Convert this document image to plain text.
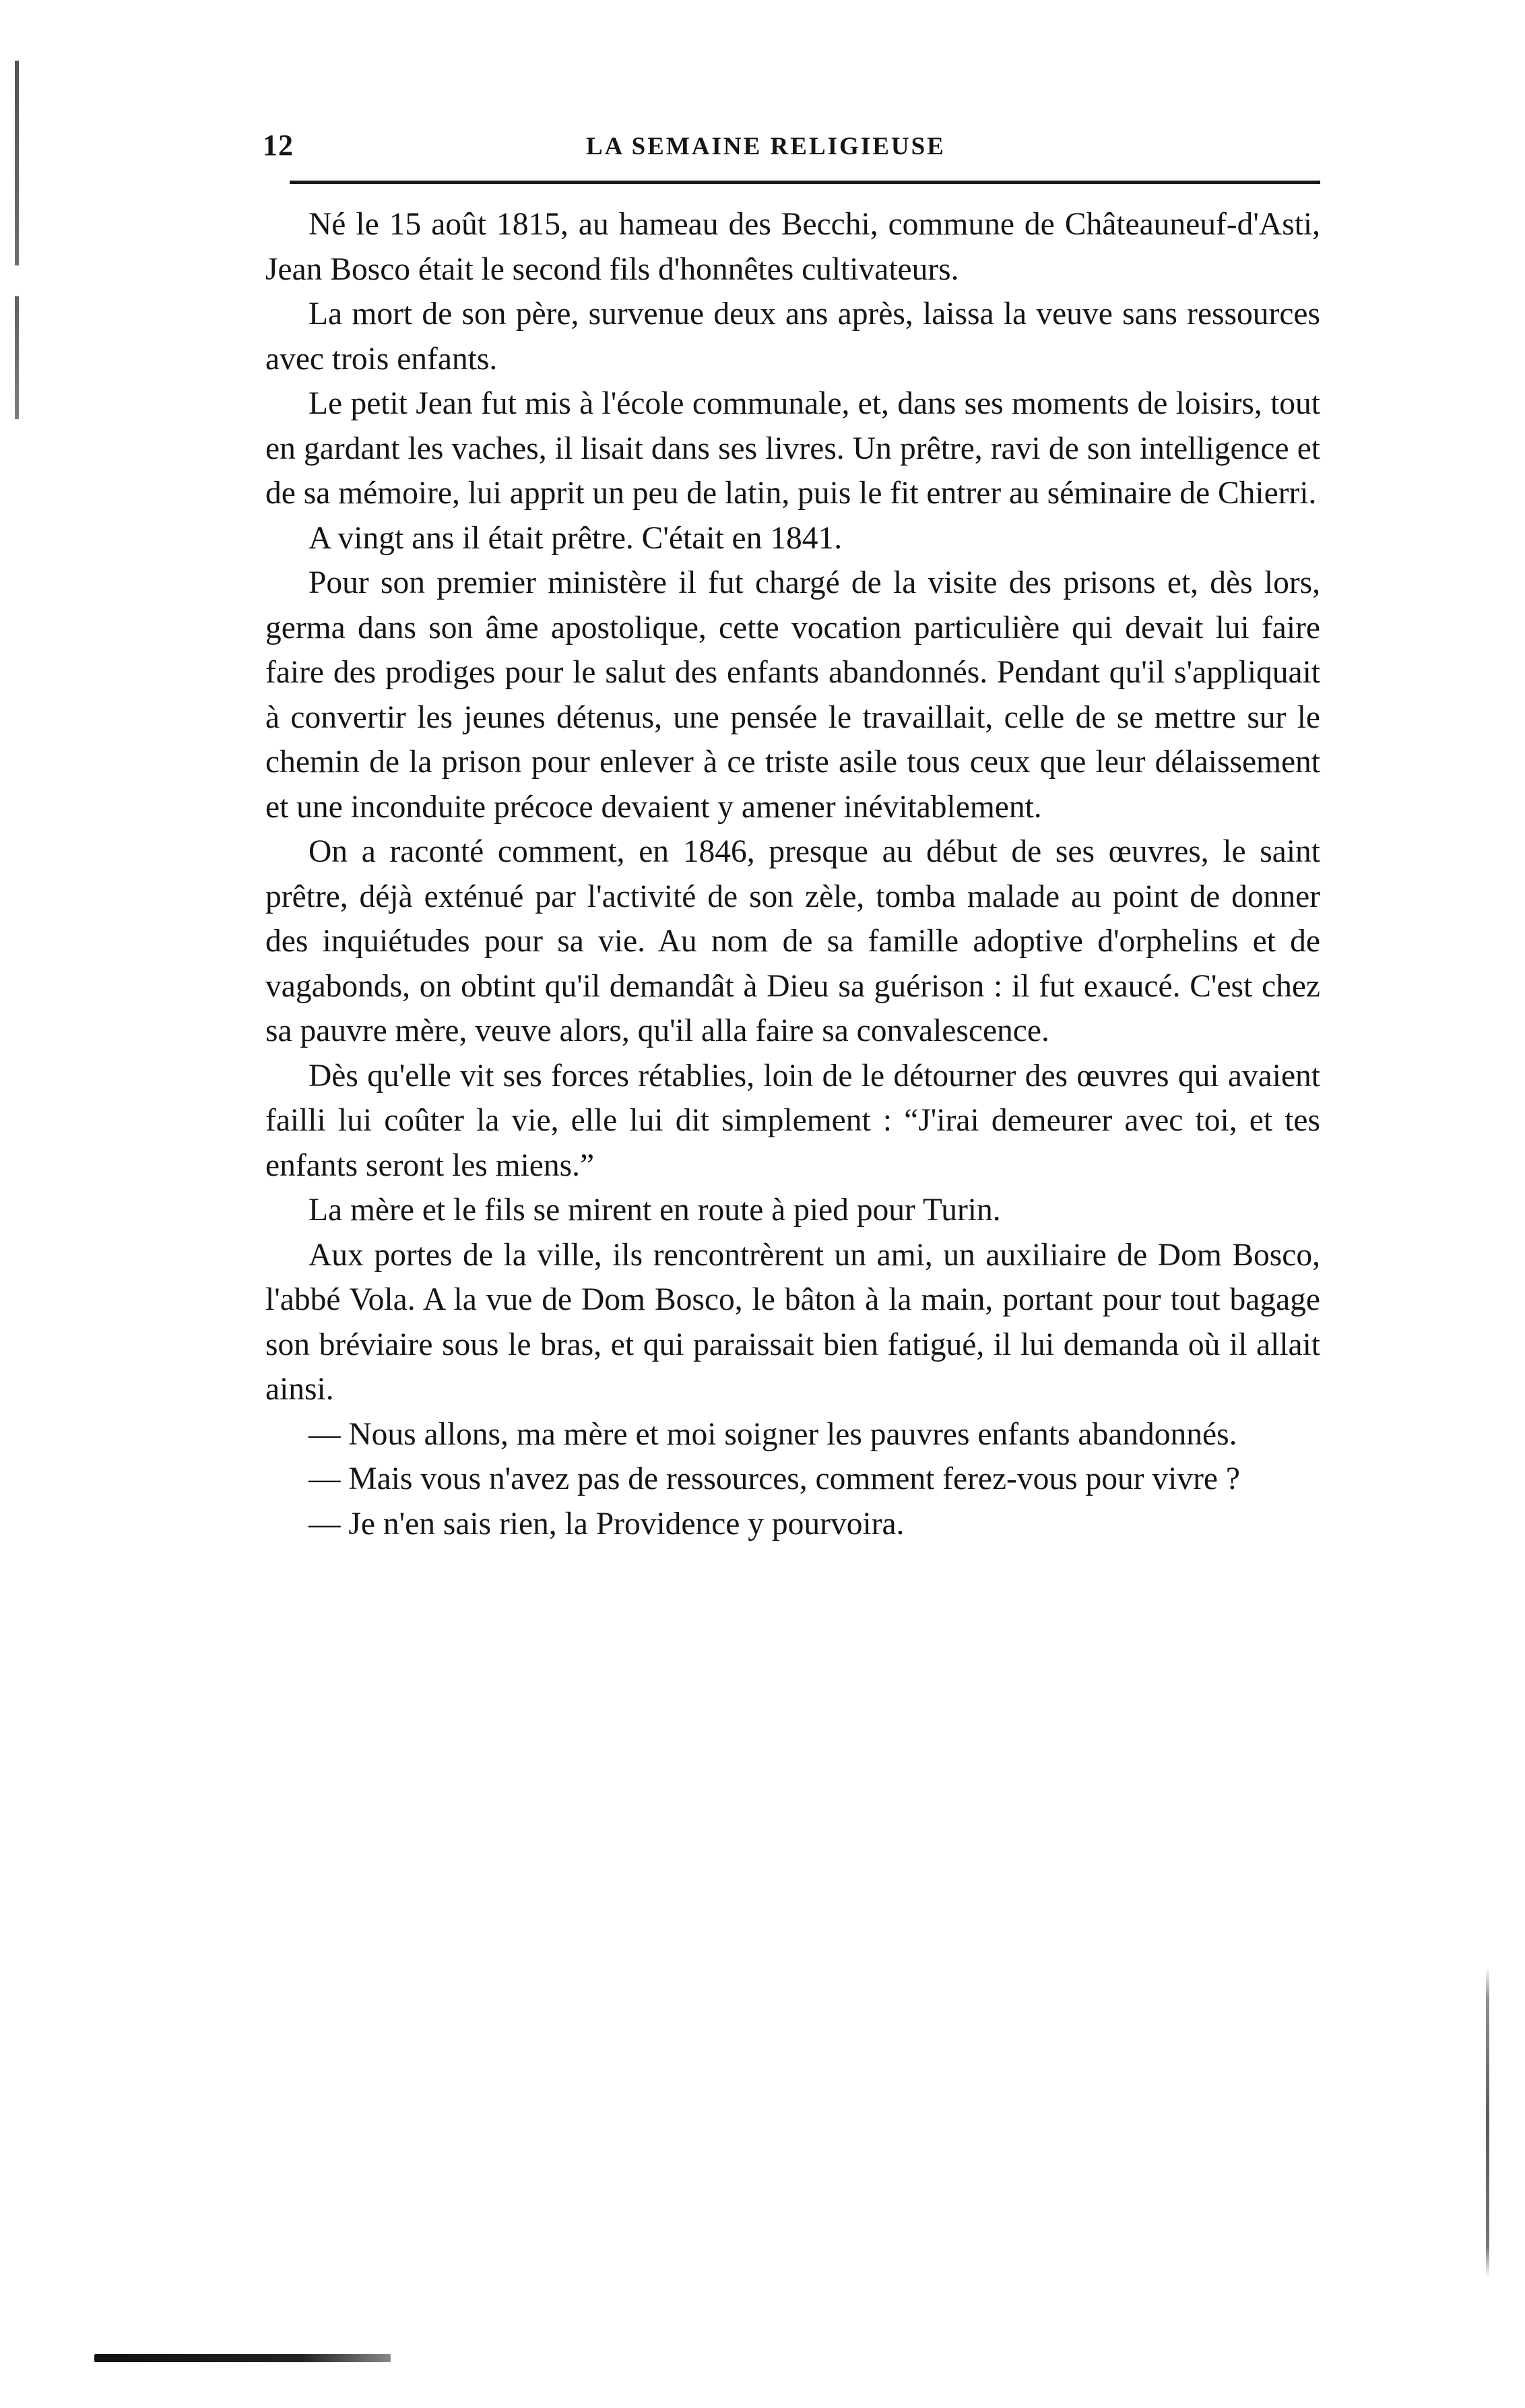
12	LA SEMAINE RELIGIEUSE

Né le 15 août 1815, au hameau des Becchi, commune de Châteauneuf-d'Asti, Jean Bosco était le second fils d'honnêtes cultivateurs.

La mort de son père, survenue deux ans après, laissa la veuve sans ressources avec trois enfants.

Le petit Jean fut mis à l'école communale, et, dans ses moments de loisirs, tout en gardant les vaches, il lisait dans ses livres. Un prêtre, ravi de son intelligence et de sa mémoire, lui apprit un peu de latin, puis le fit entrer au séminaire de Chierri.

A vingt ans il était prêtre. C'était en 1841.

Pour son premier ministère il fut chargé de la visite des prisons et, dès lors, germa dans son âme apostolique, cette vocation particulière qui devait lui faire faire des prodiges pour le salut des enfants abandonnés. Pendant qu'il s'appliquait à convertir les jeunes détenus, une pensée le travaillait, celle de se mettre sur le chemin de la prison pour enlever à ce triste asile tous ceux que leur délaissement et une inconduite précoce devaient y amener inévitablement.

On a raconté comment, en 1846, presque au début de ses œuvres, le saint prêtre, déjà exténué par l'activité de son zèle, tomba malade au point de donner des inquiétudes pour sa vie. Au nom de sa famille adoptive d'orphelins et de vagabonds, on obtint qu'il demandât à Dieu sa guérison : il fut exaucé. C'est chez sa pauvre mère, veuve alors, qu'il alla faire sa convalescence.

Dès qu'elle vit ses forces rétablies, loin de le détourner des œuvres qui avaient failli lui coûter la vie, elle lui dit simplement : “J'irai demeurer avec toi, et tes enfants seront les miens.”

La mère et le fils se mirent en route à pied pour Turin.

Aux portes de la ville, ils rencontrèrent un ami, un auxiliaire de Dom Bosco, l'abbé Vola. A la vue de Dom Bosco, le bâton à la main, portant pour tout bagage son bréviaire sous le bras, et qui paraissait bien fatigué, il lui demanda où il allait ainsi.

— Nous allons, ma mère et moi soigner les pauvres enfants abandonnés.

— Mais vous n'avez pas de ressources, comment ferez-vous pour vivre ?

— Je n'en sais rien, la Providence y pourvoira.
